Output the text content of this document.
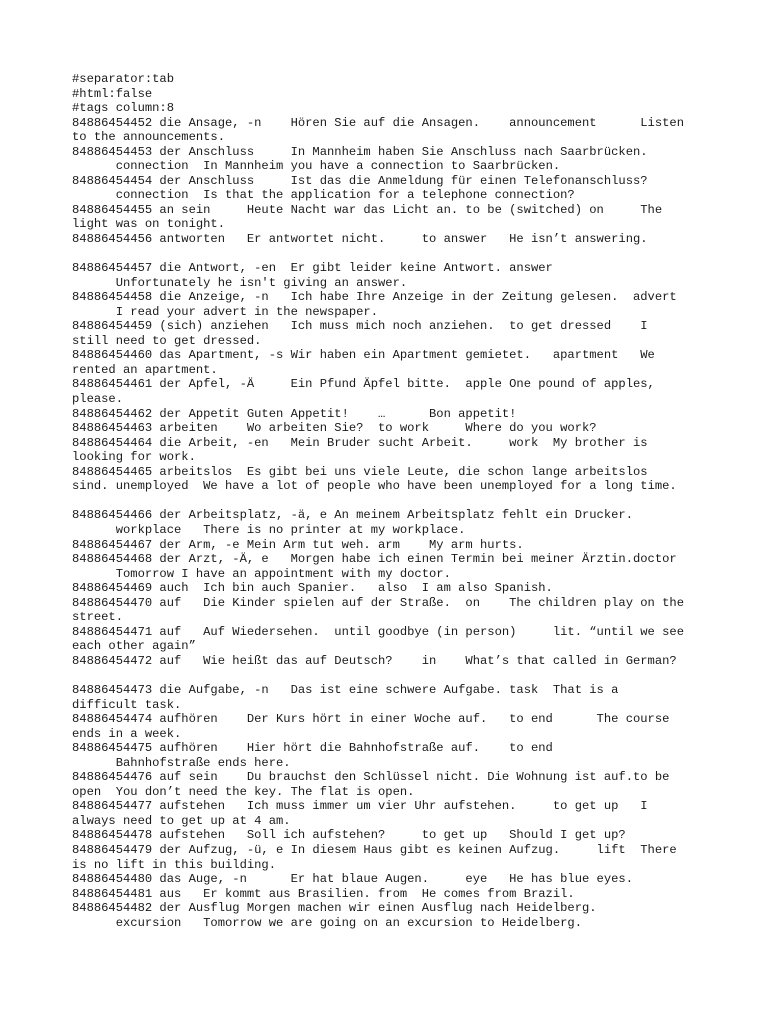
#separator:tab
#html:false
#tags column:8
84886454452 die Ansage, -n    Hören Sie auf die Ansagen.    announcement      Listen
to the announcements.
84886454453 der Anschluss     In Mannheim haben Sie Anschluss nach Saarbrücken.
connection  In Mannheim you have a connection to Saarbrücken.
84886454454 der Anschluss     Ist das die Anmeldung für einen Telefonanschluss?
connection  Is that the application for a telephone connection?
84886454455 an sein     Heute Nacht war das Licht an. to be (switched) on     The
light was on tonight.
84886454456 antworten   Er antwortet nicht.     to answer   He isn’t answering.
84886454457 die Antwort, -en  Er gibt leider keine Antwort. answer
Unfortunately he isn't giving an answer.
84886454458 die Anzeige, -n   Ich habe Ihre Anzeige in der Zeitung gelesen.  advert
I read your advert in the newspaper.
84886454459 (sich) anziehen   Ich muss mich noch anziehen.  to get dressed    I
still need to get dressed.
84886454460 das Apartment, -s Wir haben ein Apartment gemietet.   apartment   We
rented an apartment.
84886454461 der Apfel, -Ä     Ein Pfund Äpfel bitte.  apple One pound of apples,
please.
84886454462 der Appetit Guten Appetit!    …      Bon appetit!
84886454463 arbeiten    Wo arbeiten Sie?  to work     Where do you work?
84886454464 die Arbeit, -en   Mein Bruder sucht Arbeit.     work  My brother is
looking for work.
84886454465 arbeitslos  Es gibt bei uns viele Leute, die schon lange arbeitslos
sind. unemployed  We have a lot of people who have been unemployed for a long time.
84886454466 der Arbeitsplatz, -ä, e An meinem Arbeitsplatz fehlt ein Drucker.
workplace   There is no printer at my workplace.
84886454467 der Arm, -e Mein Arm tut weh. arm    My arm hurts.
84886454468 der Arzt, -Ä, e   Morgen habe ich einen Termin bei meiner Ärztin.doctor
Tomorrow I have an appointment with my doctor.
84886454469 auch  Ich bin auch Spanier.   also  I am also Spanish.
84886454470 auf   Die Kinder spielen auf der Straße.  on    The children play on the
street.
84886454471 auf   Auf Wiedersehen.  until goodbye (in person)     lit. “until we see
each other again”
84886454472 auf   Wie heißt das auf Deutsch?    in    What’s that called in German?
84886454473 die Aufgabe, -n   Das ist eine schwere Aufgabe. task  That is a
difficult task.
84886454474 aufhören    Der Kurs hört in einer Woche auf.   to end      The course
ends in a week.
84886454475 aufhören    Hier hört die Bahnhofstraße auf.    to end
Bahnhofstraße ends here.
84886454476 auf sein    Du brauchst den Schlüssel nicht. Die Wohnung ist auf.to be
open  You don’t need the key. The flat is open.
84886454477 aufstehen   Ich muss immer um vier Uhr aufstehen.     to get up   I
always need to get up at 4 am.
84886454478 aufstehen   Soll ich aufstehen?     to get up   Should I get up?
84886454479 der Aufzug, -ü, e In diesem Haus gibt es keinen Aufzug.     lift  There
is no lift in this building.
84886454480 das Auge, -n      Er hat blaue Augen.     eye   He has blue eyes.
84886454481 aus   Er kommt aus Brasilien. from  He comes from Brazil.
84886454482 der Ausflug Morgen machen wir einen Ausflug nach Heidelberg.
excursion   Tomorrow we are going on an excursion to Heidelberg.
